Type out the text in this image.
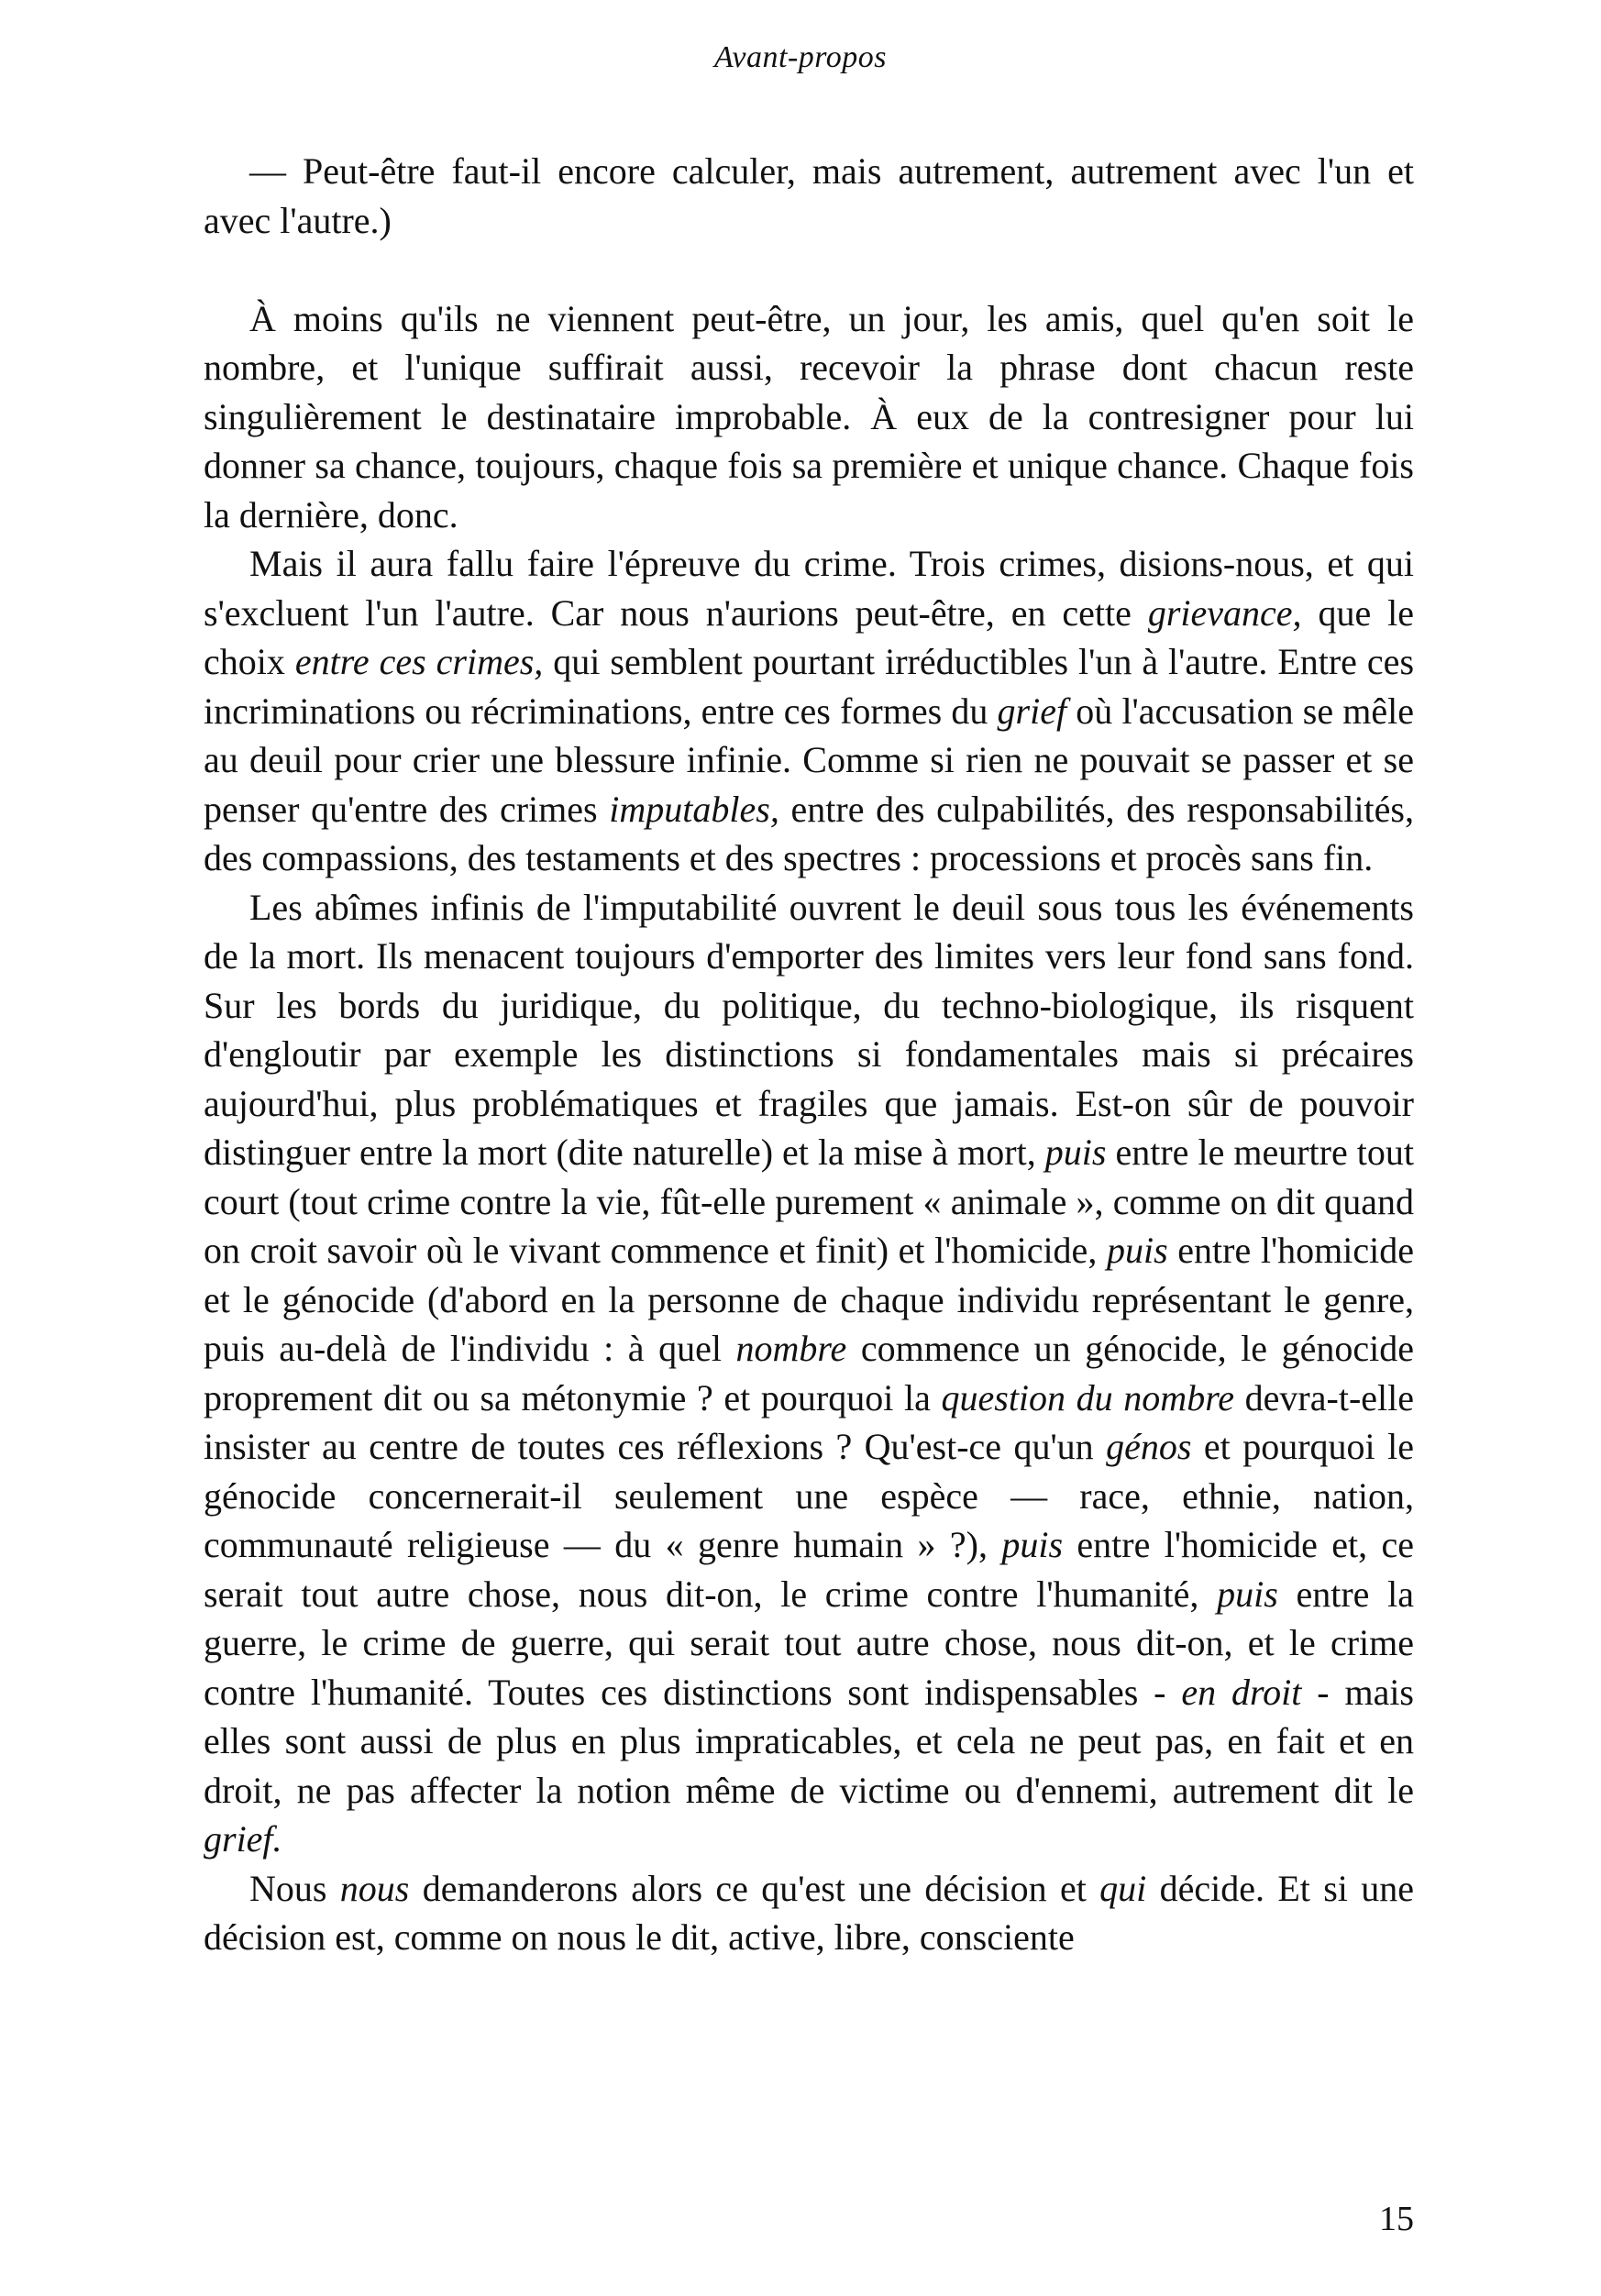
Avant-propos

— Peut-être faut-il encore calculer, mais autrement, autrement avec l'un et avec l'autre.)

À moins qu'ils ne viennent peut-être, un jour, les amis, quel qu'en soit le nombre, et l'unique suffirait aussi, recevoir la phrase dont chacun reste singulièrement le destinataire improbable. À eux de la contresigner pour lui donner sa chance, toujours, chaque fois sa première et unique chance. Chaque fois la dernière, donc.

Mais il aura fallu faire l'épreuve du crime. Trois crimes, disions-nous, et qui s'excluent l'un l'autre. Car nous n'aurions peut-être, en cette grievance, que le choix entre ces crimes, qui semblent pourtant irréductibles l'un à l'autre. Entre ces incriminations ou récriminations, entre ces formes du grief où l'accusation se mêle au deuil pour crier une blessure infinie. Comme si rien ne pouvait se passer et se penser qu'entre des crimes imputables, entre des culpabilités, des responsabilités, des compassions, des testaments et des spectres : processions et procès sans fin.

Les abîmes infinis de l'imputabilité ouvrent le deuil sous tous les événements de la mort. Ils menacent toujours d'emporter des limites vers leur fond sans fond. Sur les bords du juridique, du politique, du techno-biologique, ils risquent d'engloutir par exemple les distinctions si fondamentales mais si précaires aujourd'hui, plus problématiques et fragiles que jamais. Est-on sûr de pouvoir distinguer entre la mort (dite naturelle) et la mise à mort, puis entre le meurtre tout court (tout crime contre la vie, fût-elle purement « animale », comme on dit quand on croit savoir où le vivant commence et finit) et l'homicide, puis entre l'homicide et le génocide (d'abord en la personne de chaque individu représentant le genre, puis au-delà de l'individu : à quel nombre commence un génocide, le génocide proprement dit ou sa métonymie ? et pourquoi la question du nombre devra-t-elle insister au centre de toutes ces réflexions ? Qu'est-ce qu'un génos et pourquoi le génocide concernerait-il seulement une espèce — race, ethnie, nation, communauté religieuse — du « genre humain » ?), puis entre l'homicide et, ce serait tout autre chose, nous dit-on, le crime contre l'humanité, puis entre la guerre, le crime de guerre, qui serait tout autre chose, nous dit-on, et le crime contre l'humanité. Toutes ces distinctions sont indispensables - en droit - mais elles sont aussi de plus en plus impraticables, et cela ne peut pas, en fait et en droit, ne pas affecter la notion même de victime ou d'ennemi, autrement dit le grief.

Nous nous demanderons alors ce qu'est une décision et qui décide. Et si une décision est, comme on nous le dit, active, libre, consciente

15
